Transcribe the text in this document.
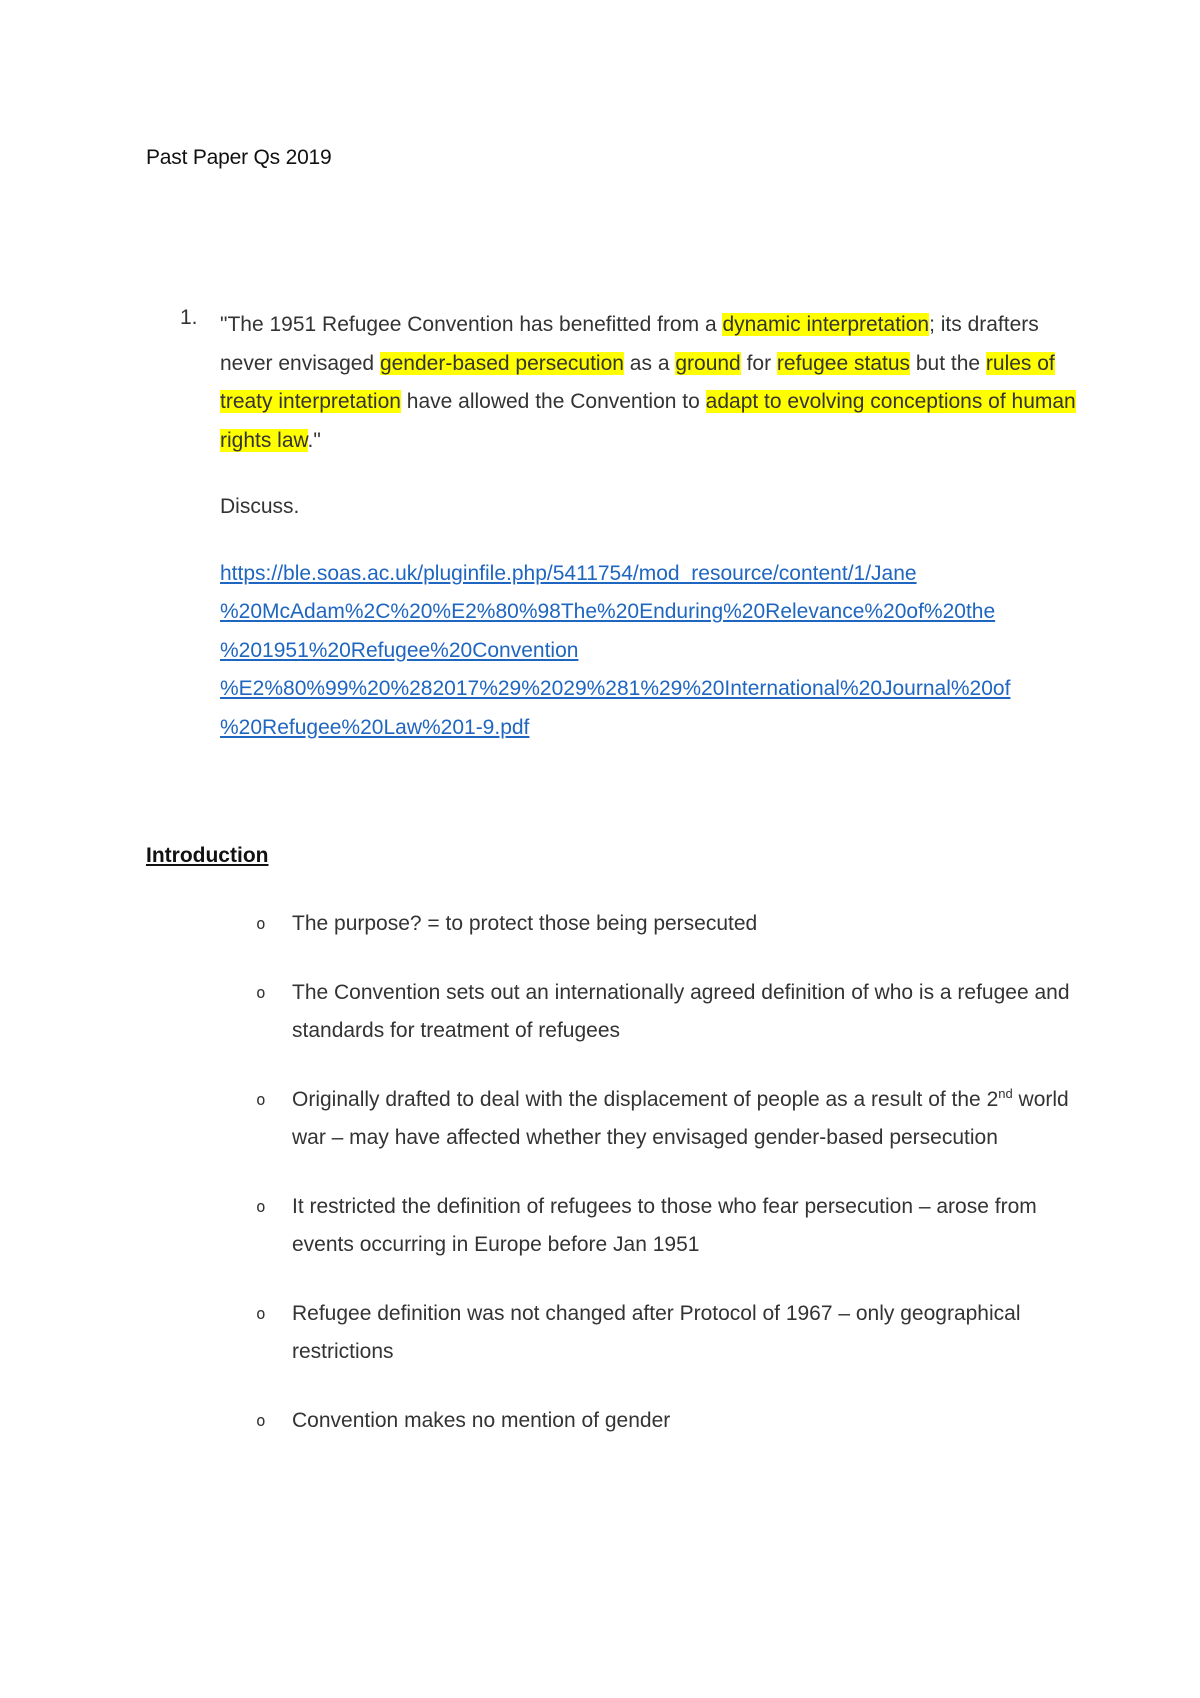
Past Paper Qs 2019
1. "The 1951 Refugee Convention has benefitted from a dynamic interpretation; its drafters never envisaged gender-based persecution as a ground for refugee status but the rules of treaty interpretation have allowed the Convention to adapt to evolving conceptions of human rights law."

Discuss.

https://ble.soas.ac.uk/pluginfile.php/5411754/mod_resource/content/1/Jane
%20McAdam%2C%20%E2%80%98The%20Enduring%20Relevance%20of%20the
%201951%20Refugee%20Convention
%E2%80%99%20%282017%29%2029%281%29%20International%20Journal%20of
%20Refugee%20Law%201-9.pdf
Introduction
o The purpose? = to protect those being persecuted
o The Convention sets out an internationally agreed definition of who is a refugee and standards for treatment of refugees
o Originally drafted to deal with the displacement of people as a result of the 2nd world war – may have affected whether they envisaged gender-based persecution
o It restricted the definition of refugees to those who fear persecution – arose from events occurring in Europe before Jan 1951
o Refugee definition was not changed after Protocol of 1967 – only geographical restrictions
o Convention makes no mention of gender
